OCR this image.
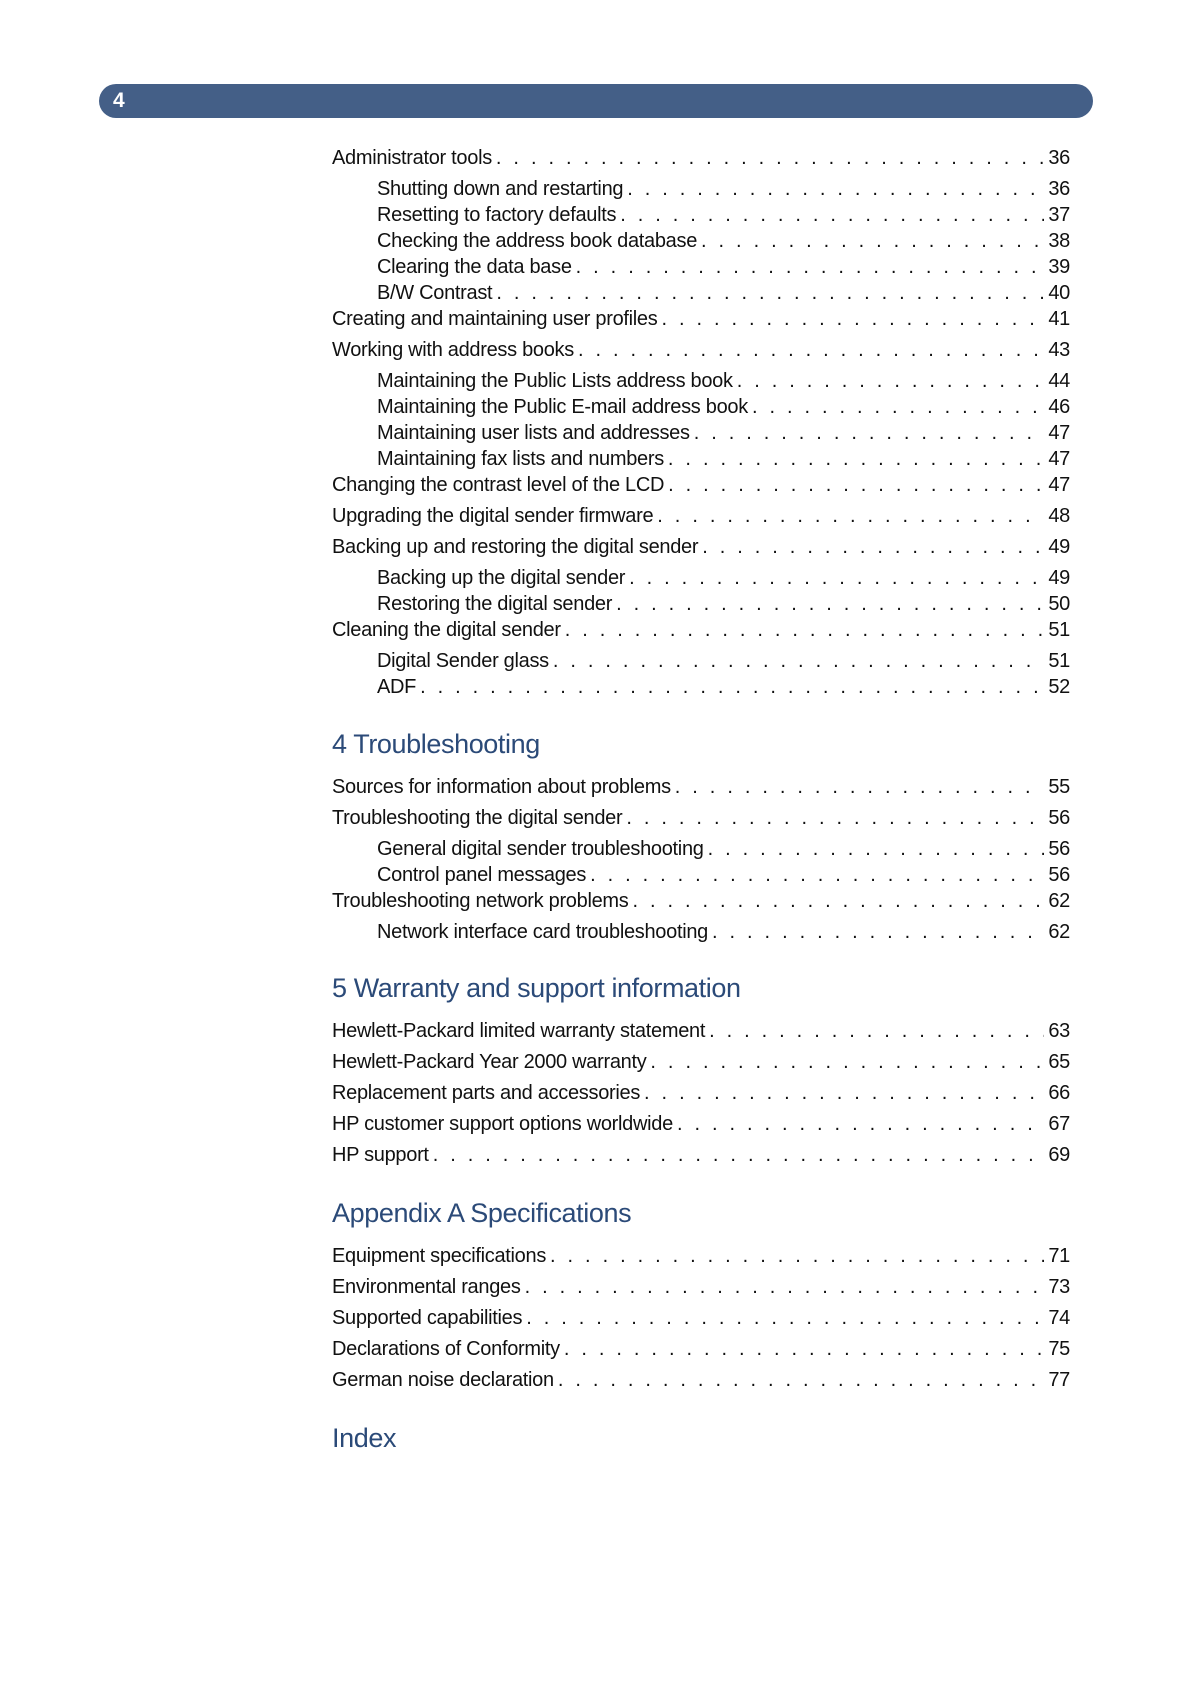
4
Administrator tools . . .	36
Shutting down and restarting . . .	36
Resetting to factory defaults . . .	37
Checking the address book database . . .	38
Clearing the data base . . .	39
B/W Contrast . . .	40
Creating and maintaining user profiles . . .	41
Working with address books . . .	43
Maintaining the Public Lists address book . . .	44
Maintaining the Public E-mail address book . . .	46
Maintaining user lists and addresses . . .	47
Maintaining fax lists and numbers . . .	47
Changing the contrast level of the LCD . . .	47
Upgrading the digital sender firmware . . .	48
Backing up and restoring the digital sender . . .	49
Backing up the digital sender . . .	49
Restoring the digital sender . . .	50
Cleaning the digital sender . . .	51
Digital Sender glass . . .	51
ADF . . .	52
4 Troubleshooting
Sources for information about problems . . .	55
Troubleshooting the digital sender . . .	56
General digital sender troubleshooting . . .	56
Control panel messages . . .	56
Troubleshooting network problems . . .	62
Network interface card troubleshooting . . .	62
5 Warranty and support information
Hewlett-Packard limited warranty statement . . .	63
Hewlett-Packard Year 2000 warranty . . .	65
Replacement parts and accessories . . .	66
HP customer support options worldwide . . .	67
HP support . . .	69
Appendix A Specifications
Equipment specifications . . .	71
Environmental ranges . . .	73
Supported capabilities . . .	74
Declarations of Conformity . . .	75
German noise declaration . . .	77
Index
